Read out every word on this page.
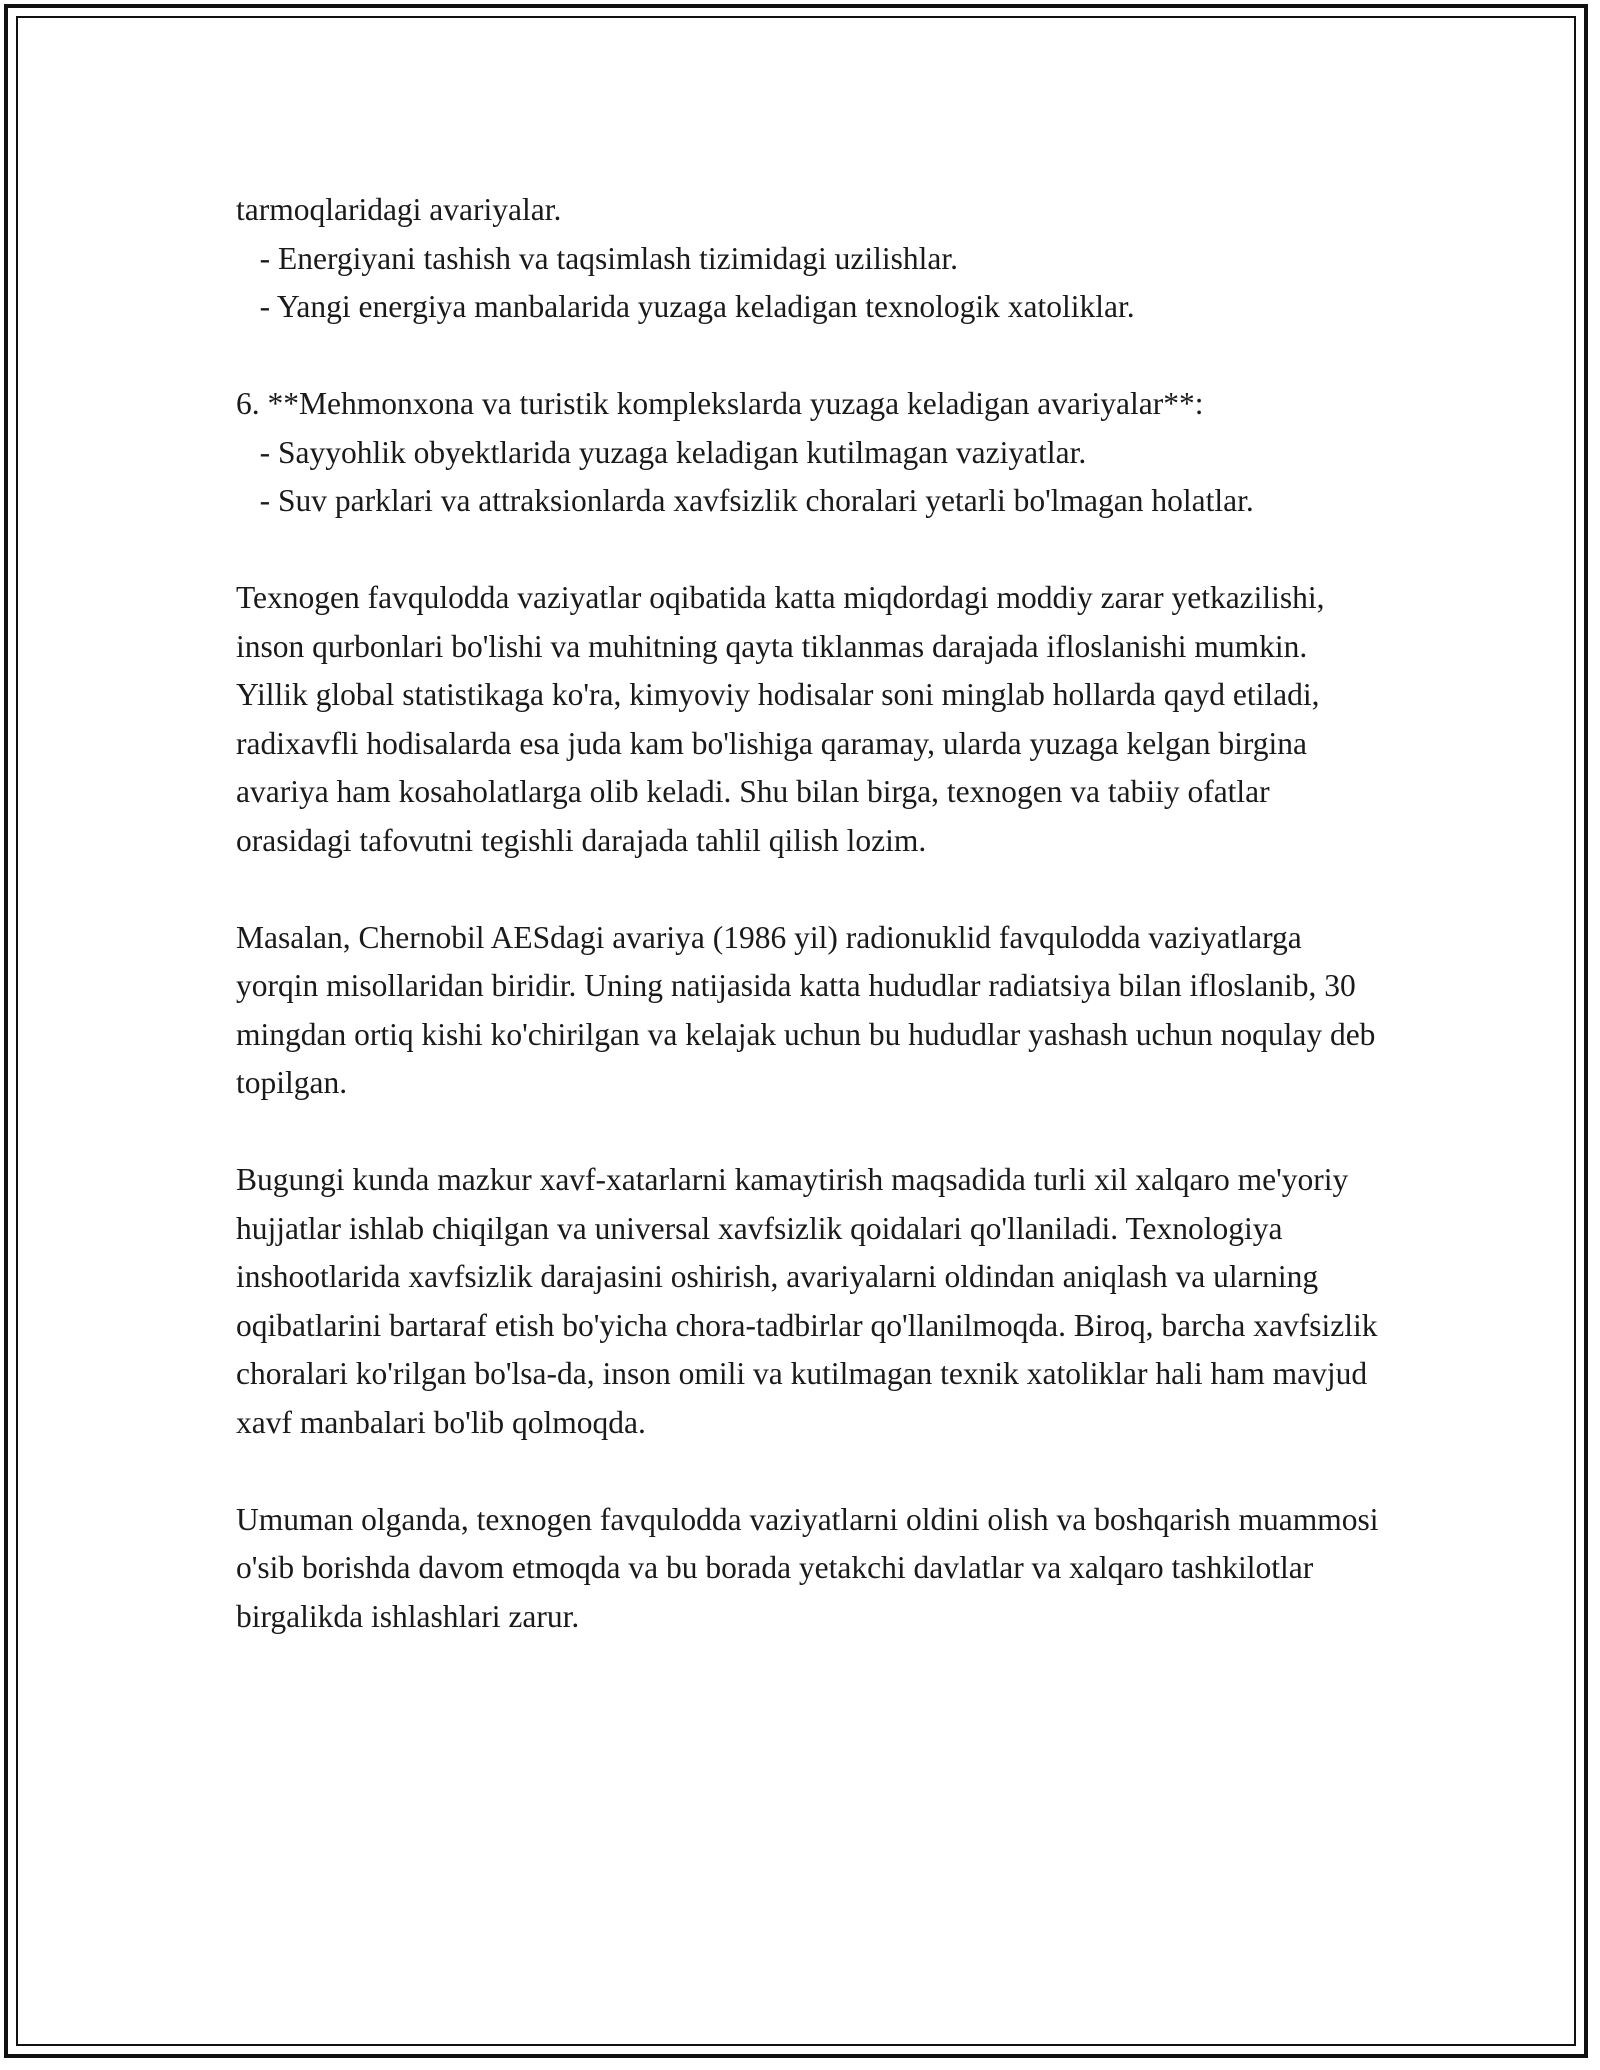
tarmoqlaridagi avariyalar.

- Energiyani tashish va taqsimlash tizimidagi uzilishlar.

- Yangi energiya manbalarida yuzaga keladigan texnologik xatoliklar.

6. **Mehmonxona va turistik komplekslarda yuzaga keladigan avariyalar**:

- Sayyohlik obyektlarida yuzaga keladigan kutilmagan vaziyatlar.

- Suv parklari va attraksionlarda xavfsizlik choralari yetarli bo'lmagan holatlar.

Texnogen favqulodda vaziyatlar oqibatida katta miqdordagi moddiy zarar yetkazilishi, inson qurbonlari bo'lishi va muhitning qayta tiklanmas darajada ifloslanishi mumkin.

Yillik global statistikaga ko'ra, kimyoviy hodisalar soni minglab hollarda qayd etiladi, radixavfli hodisalarda esa juda kam bo'lishiga qaramay, ularda yuzaga kelgan birgina avariya ham kosaholatlarga olib keladi. Shu bilan birga, texnogen va tabiiy ofatlar orasidagi tafovutni tegishli darajada tahlil qilish lozim.

Masalan, Chernobil AESdagi avariya (1986 yil) radionuklid favqulodda vaziyatlarga yorqin misollaridan biridir. Uning natijasida katta hududlar radiatsiya bilan ifloslanib, 30 mingdan ortiq kishi ko'chirilgan va kelajak uchun bu hududlar yashash uchun noqulay deb topilgan.

Bugungi kunda mazkur xavf-xatarlarni kamaytirish maqsadida turli xil xalqaro me'yoriy hujjatlar ishlab chiqilgan va universal xavfsizlik qoidalari qo'llaniladi. Texnologiya inshootlarida xavfsizlik darajasini oshirish, avariyalarni oldindan aniqlash va ularning oqibatlarini bartaraf etish bo'yicha chora-tadbirlar qo'llanilmoqda. Biroq, barcha xavfsizlik choralari ko'rilgan bo'lsa-da, inson omili va kutilmagan texnik xatoliklar hali ham mavjud xavf manbalari bo'lib qolmoqda.

Umuman olganda, texnogen favqulodda vaziyatlarni oldini olish va boshqarish muammosi o'sib borishda davom etmoqda va bu borada yetakchi davlatlar va xalqaro tashkilotlar birgalikda ishlashlari zarur.
